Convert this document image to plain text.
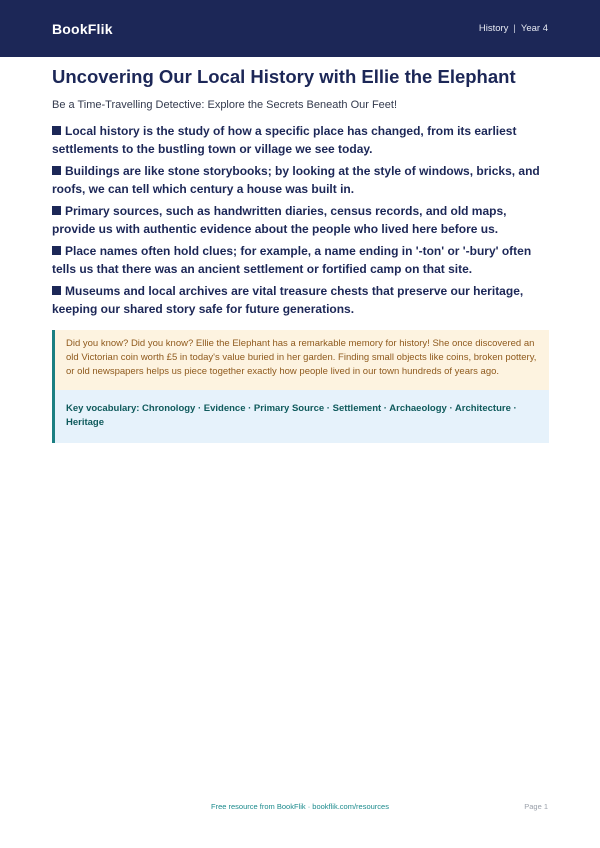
BookFlik	History | Year 4
Uncovering Our Local History with Ellie the Elephant
Be a Time-Travelling Detective: Explore the Secrets Beneath Our Feet!
Local history is the study of how a specific place has changed, from its earliest settlements to the bustling town or village we see today.
Buildings are like stone storybooks; by looking at the style of windows, bricks, and roofs, we can tell which century a house was built in.
Primary sources, such as handwritten diaries, census records, and old maps, provide us with authentic evidence about the people who lived here before us.
Place names often hold clues; for example, a name ending in '-ton' or '-bury' often tells us that there was an ancient settlement or fortified camp on that site.
Museums and local archives are vital treasure chests that preserve our heritage, keeping our shared story safe for future generations.
Did you know? Did you know? Ellie the Elephant has a remarkable memory for history! She once discovered an old Victorian coin worth £5 in today's value buried in her garden. Finding small objects like coins, broken pottery, or old newspapers helps us piece together exactly how people lived in our town hundreds of years ago.
Key vocabulary: Chronology · Evidence · Primary Source · Settlement · Archaeology · Architecture · Heritage
Free resource from BookFlik · bookflik.com/resources	Page 1
